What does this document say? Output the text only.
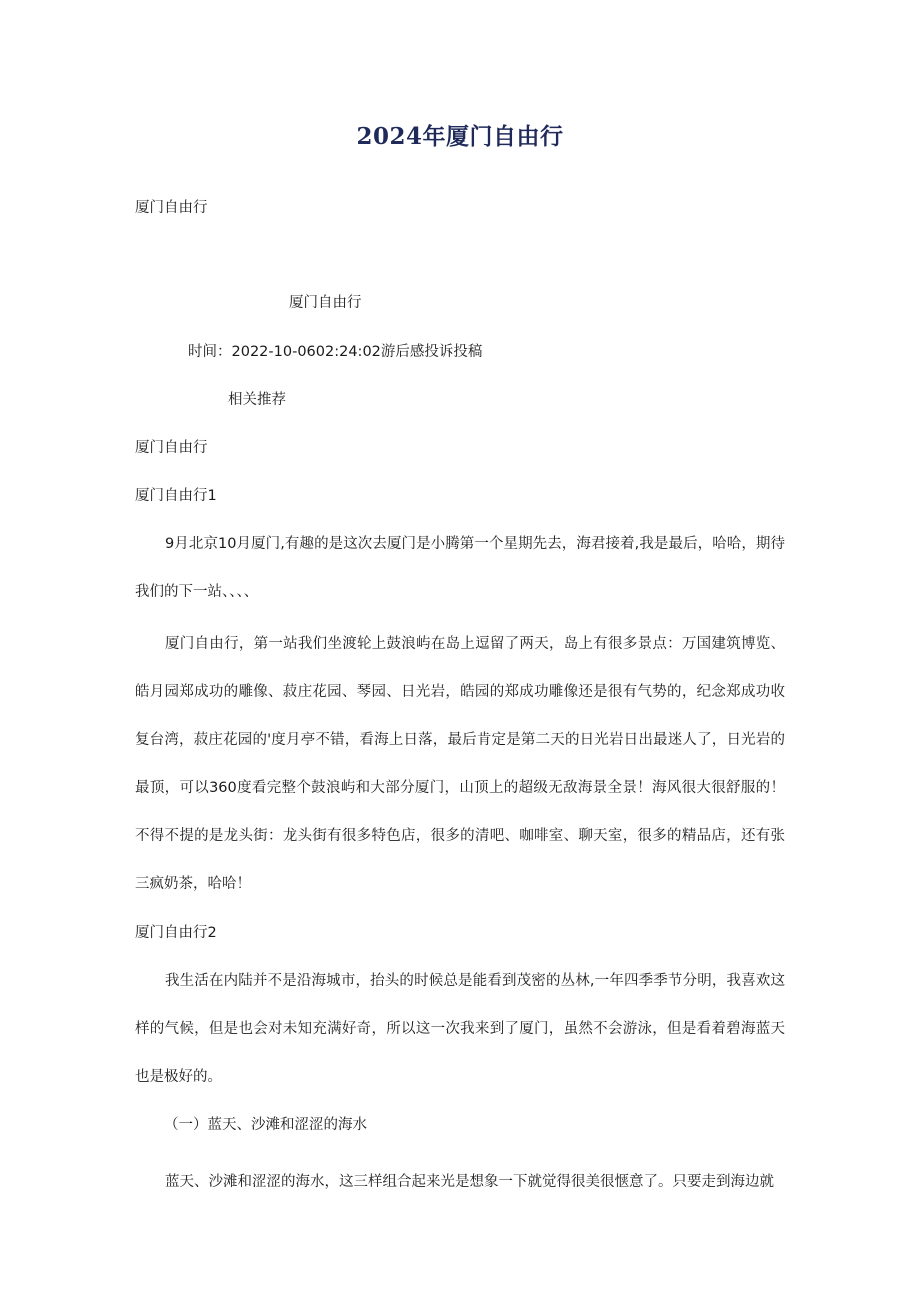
2024年厦门自由行
厦门自由行
厦门自由行
时间：2022-10-0602:24:02游后感投诉投稿
相关推荐
厦门自由行
厦门自由行1
9月北京10月厦门,有趣的是这次去厦门是小腾第一个星期先去，海君接着,我是最后，哈哈，期待我们的下一站、、、、
厦门自由行，第一站我们坐渡轮上鼓浪屿在岛上逗留了两天，岛上有很多景点：万国建筑博览、皓月园郑成功的雕像、菽庄花园、琴园、日光岩，皓园的郑成功雕像还是很有气势的，纪念郑成功收复台湾，菽庄花园的'度月亭不错，看海上日落，最后肯定是第二天的日光岩日出最迷人了，日光岩的最顶，可以360度看完整个鼓浪屿和大部分厦门，山顶上的超级无敌海景全景！海风很大很舒服的！不得不提的是龙头街：龙头街有很多特色店，很多的清吧、咖啡室、聊天室，很多的精品店，还有张三疯奶茶，哈哈！
厦门自由行2
我生活在内陆并不是沿海城市，抬头的时候总是能看到茂密的丛林,一年四季季节分明，我喜欢这样的气候，但是也会对未知充满好奇，所以这一次我来到了厦门，虽然不会游泳，但是看着碧海蓝天也是极好的。
（一）蓝天、沙滩和涩涩的海水
蓝天、沙滩和涩涩的海水，这三样组合起来光是想象一下就觉得很美很惬意了。只要走到海边就
